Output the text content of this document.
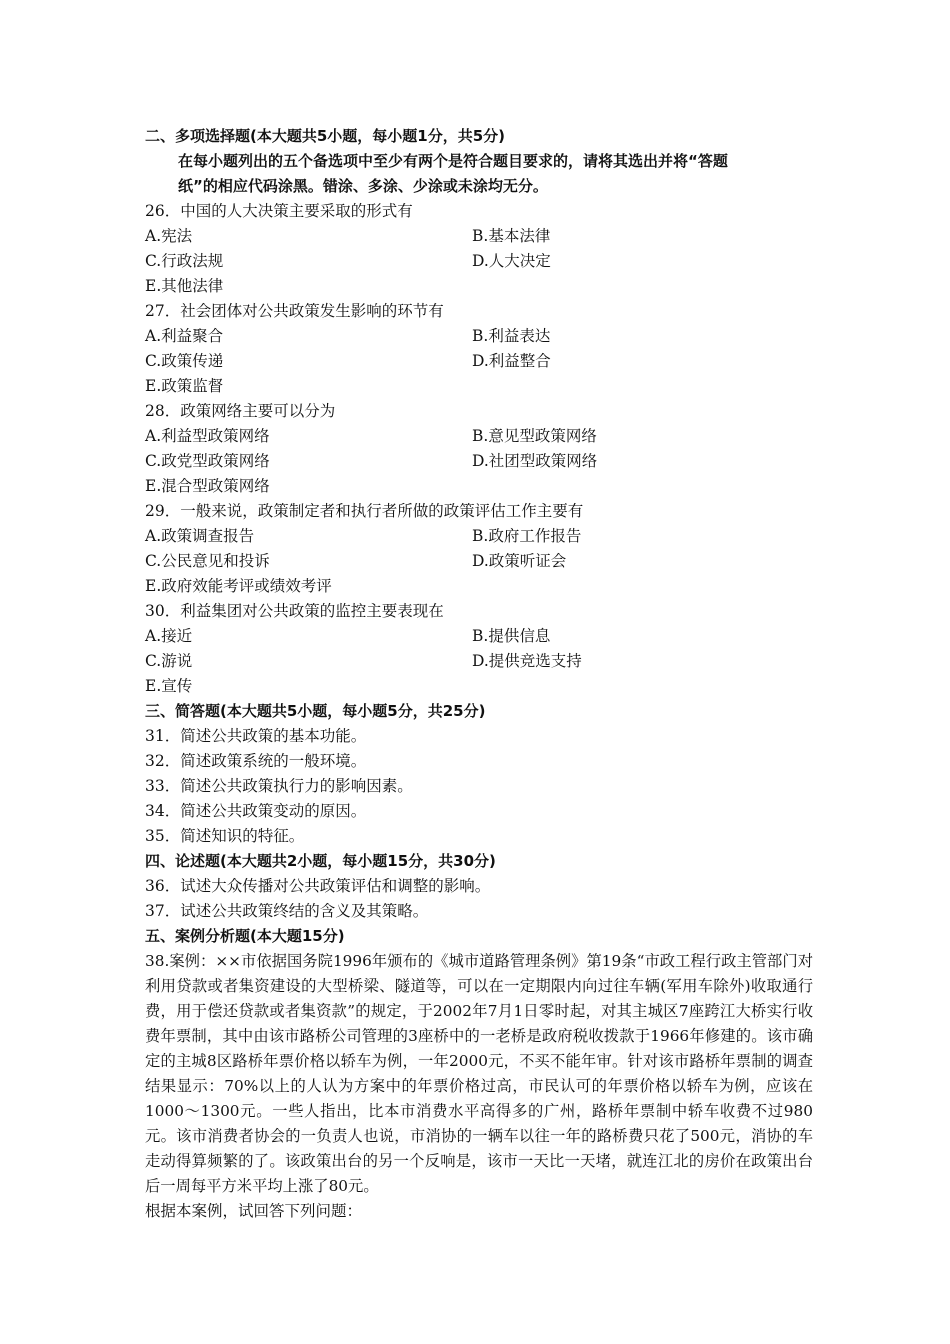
二、多项选择题(本大题共5小题，每小题1分，共5分)
在每小题列出的五个备选项中至少有两个是符合题目要求的，请将其选出并将“答题
纸”的相应代码涂黑。错涂、多涂、少涂或未涂均无分。
26．中国的人大决策主要采取的形式有
A.宪法	B.基本法律
C.行政法规	D.人大决定
E.其他法律
27．社会团体对公共政策发生影响的环节有
A.利益聚合	B.利益表达
C.政策传递	D.利益整合
E.政策监督
28．政策网络主要可以分为
A.利益型政策网络	B.意见型政策网络
C.政党型政策网络	D.社团型政策网络
E.混合型政策网络
29．一般来说，政策制定者和执行者所做的政策评估工作主要有
A.政策调查报告	B.政府工作报告
C.公民意见和投诉	D.政策听证会
E.政府效能考评或绩效考评
30．利益集团对公共政策的监控主要表现在
A.接近	B.提供信息
C.游说	D.提供竞选支持
E.宣传
三、简答题(本大题共5小题，每小题5分，共25分)
31．简述公共政策的基本功能。
32．简述政策系统的一般环境。
33．简述公共政策执行力的影响因素。
34．简述公共政策变动的原因。
35．简述知识的特征。
四、论述题(本大题共2小题，每小题15分，共30分)
36．试述大众传播对公共政策评估和调整的影响。
37．试述公共政策终结的含义及其策略。
五、案例分析题(本大题15分)
38.案例：××市依据国务院1996年颁布的《城市道路管理条例》第19条“市政工程行政主管部门对利用贷款或者集资建设的大型桥梁、隧道等，可以在一定期限内向过往车辆(军用车除外)收取通行费，用于偿还贷款或者集资款”的规定，于2002年7月1日零时起，对其主城区7座跨江大桥实行收费年票制，其中由该市路桥公司管理的3座桥中的一老桥是政府税收拨款于1966年修建的。该市确定的主城8区路桥年票价格以轿车为例，一年2000元，不买不能年审。针对该市路桥年票制的调查结果显示：70%以上的人认为方案中的年票价格过高，市民认可的年票价格以轿车为例，应该在1000～1300元。一些人指出，比本市消费水平高得多的广州，路桥年票制中轿车收费不过980元。该市消费者协会的一负责人也说，市消协的一辆车以往一年的路桥费只花了500元，消协的车走动得算频繁的了。该政策出台的另一个反响是，该市一天比一天堵，就连江北的房价在政策出台后一周每平方米平均上涨了80元。
根据本案例，试回答下列问题：
